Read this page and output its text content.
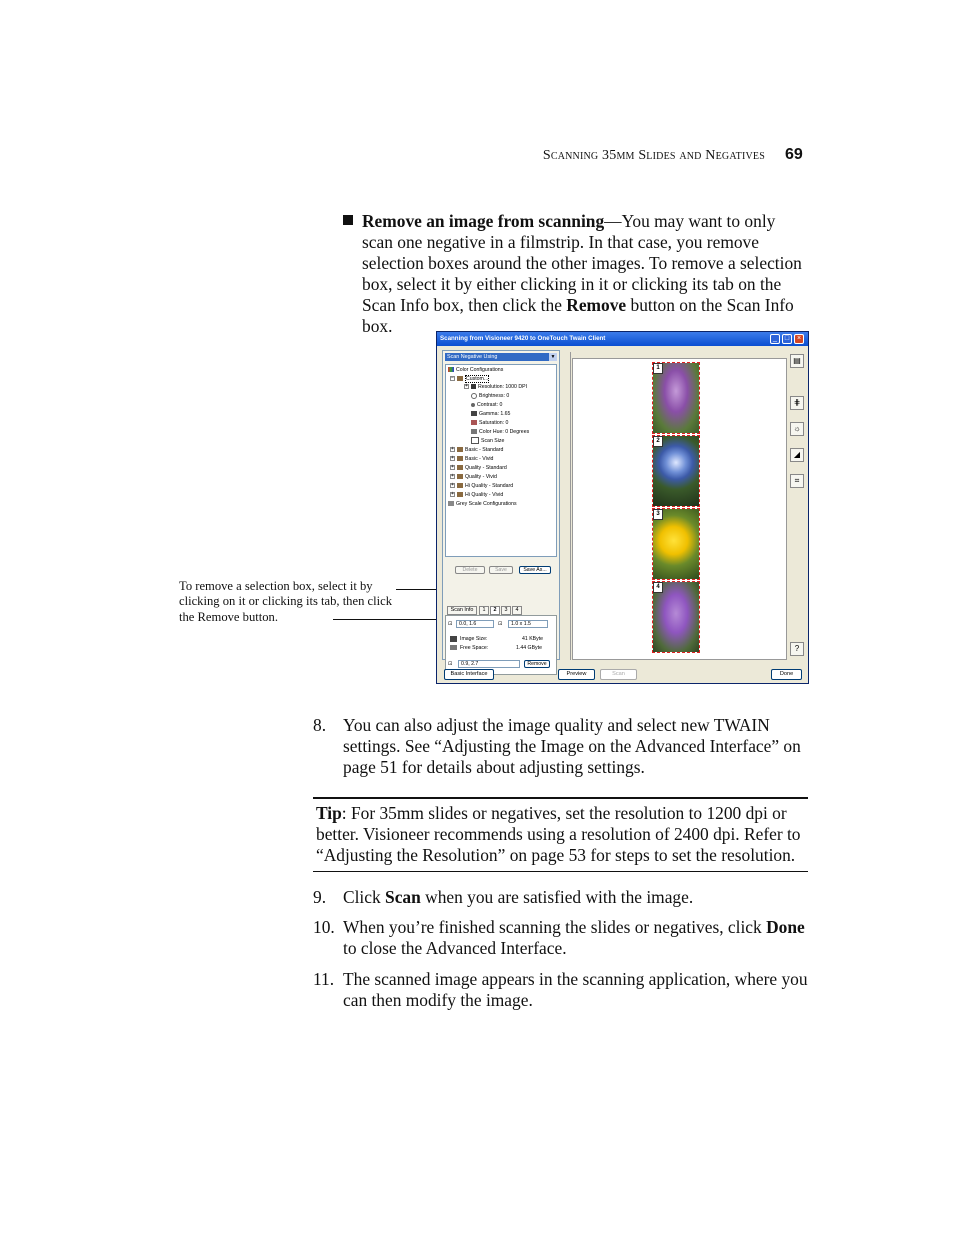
Scanning 35mm Slides and Negatives 69
Remove an image from scanning—You may want to only scan one negative in a filmstrip. In that case, you remove selection boxes around the other images. To remove a selection box, select it by either clicking in it or clicking its tab on the Scan Info box, then click the Remove button on the Scan Info box.
To remove a selection box, select it by clicking on it or clicking its tab, then click the Remove button.
Scanning from Visioneer 9420 to OneTouch Twain Client	_	□	×
Scan Negative Using	▼
Color Configurations
− Custom...
+ Resolution: 1000 DPI
Brightness: 0
Contrast: 0
Gamma: 1.65
Saturation: 0
Color Hue: 0 Degrees
Scan Size
+ Basic - Standard
+ Basic - Vivid
+ Quality - Standard
+ Quality - Vivid
+ Hi Quality - Standard
+ Hi Quality - Vivid
Grey Scale Configurations
Delete	Save	Save As...
Scan Info	1	2	3	4
⊡	0.0, 1.6	⊡	1.0 x 1.5
Image Size:	41 KByte
Free Space:	1.44 GByte
⊡	0.9, 2.7	Remove
1
2
3
4
▤
⋕
☼
◢
⌗
?
Basic Interface	Preview	Scan	Done
8. You can also adjust the image quality and select new TWAIN settings. See “Adjusting the Image on the Advanced Interface” on page 51 for details about adjusting settings.
Tip: For 35mm slides or negatives, set the resolution to 1200 dpi or better. Visioneer recommends using a resolution of 2400 dpi. Refer to “Adjusting the Resolution” on page 53 for steps to set the resolution.
9. Click Scan when you are satisfied with the image.
10. When you’re finished scanning the slides or negatives, click Done to close the Advanced Interface.
11. The scanned image appears in the scanning application, where you can then modify the image.
